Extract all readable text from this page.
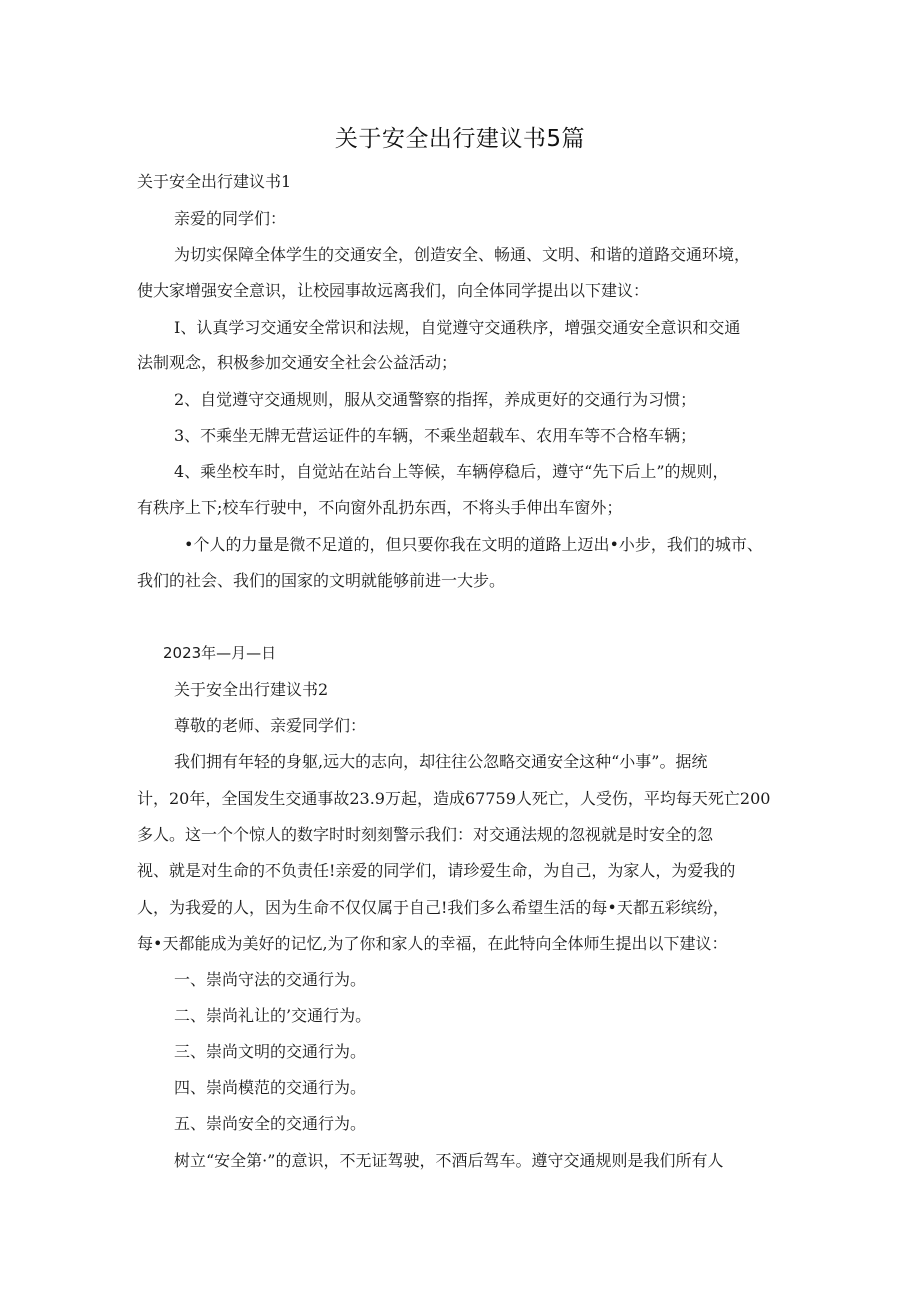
关于安全出行建议书5篇
关于安全出行建议书1
亲爱的同学们：
为切实保障全体学生的交通安全，创造安全、畅通、文明、和谐的道路交通环境，
使大家增强安全意识，让校园事故远离我们，向全体同学提出以下建议：
I、认真学习交通安全常识和法规，自觉遵守交通秩序，增强交通安全意识和交通
法制观念，积极参加交通安全社会公益活动；
2、自觉遵守交通规则，服从交通警察的指挥，养成更好的交通行为习惯；
3、不乘坐无牌无营运证件的车辆，不乘坐超载车、农用车等不合格车辆；
4、乘坐校车时，自觉站在站台上等候，车辆停稳后，遵守“先下后上”的规则，
有秩序上下;校车行驶中，不向窗外乱扔东西，不将头手伸出车窗外；
•个人的力量是微不足道的，但只要你我在文明的道路上迈出•小步，我们的城市、
我们的社会、我们的国家的文明就能够前进一大步。
2023年—月—日
关于安全出行建议书2
尊敬的老师、亲爱同学们：
我们拥有年轻的身躯,远大的志向，却往往公忽略交通安全这种“小事”。据统
计，20年，全国发生交通事故23.9万起，造成67759人死亡，人受伤，平均每天死亡200
多人。这一个个惊人的数字时时刻刻警示我们：对交通法规的忽视就是时安全的忽
视、就是对生命的不负责任!亲爱的同学们，请珍爱生命，为自己，为家人，为爱我的
人，为我爱的人，因为生命不仅仅属于自己!我们多么希望生活的每•天都五彩缤纷，
每•天都能成为美好的记忆,为了你和家人的幸福，在此特向全体师生提出以下建议：
一、崇尚守法的交通行为。
二、崇尚礼让的’交通行为。
三、崇尚文明的交通行为。
四、崇尚模范的交通行为。
五、崇尚安全的交通行为。
树立“安全第·”的意识，不无证驾驶，不酒后驾车。遵守交通规则是我们所有人
